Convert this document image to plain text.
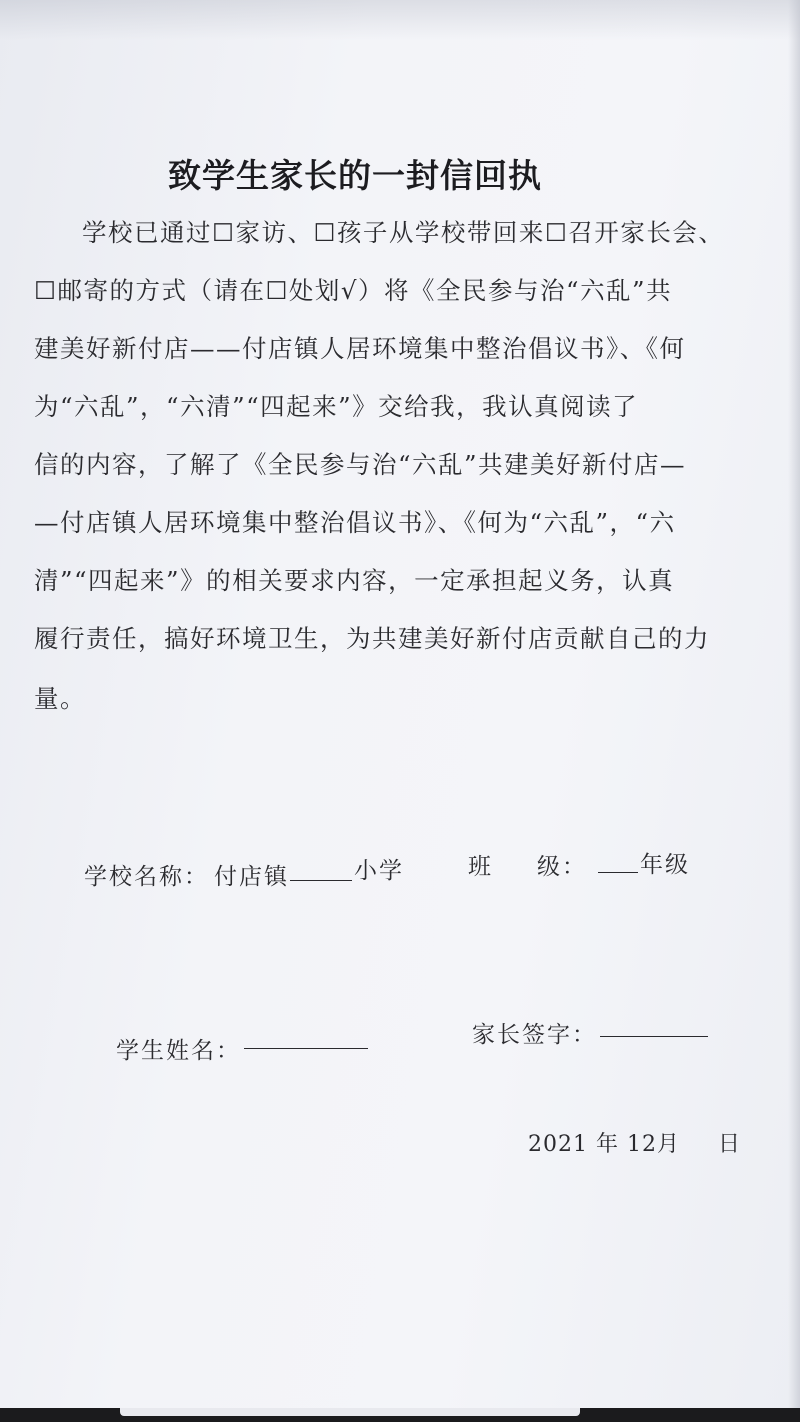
致学生家长的一封信回执

学校已通过☐家访、☐孩子从学校带回来☐召开家长会、

☐邮寄的方式（请在☐处划√）将《全民参与治“六乱”共

建美好新付店——付店镇人居环境集中整治倡议书》、《何

为“六乱”，“六清”“四起来”》交给我，我认真阅读了

信的内容，了解了《全民参与治“六乱”共建美好新付店—

—付店镇人居环境集中整治倡议书》、《何为“六乱”，“六

清”“四起来”》的相关要求内容，一定承担起义务，认真

履行责任，搞好环境卫生，为共建美好新付店贡献自己的力

量。

学校名称： 付店镇	小学	班 级： 年级
学生姓名：
家长签字：
2021 年 12月 日
